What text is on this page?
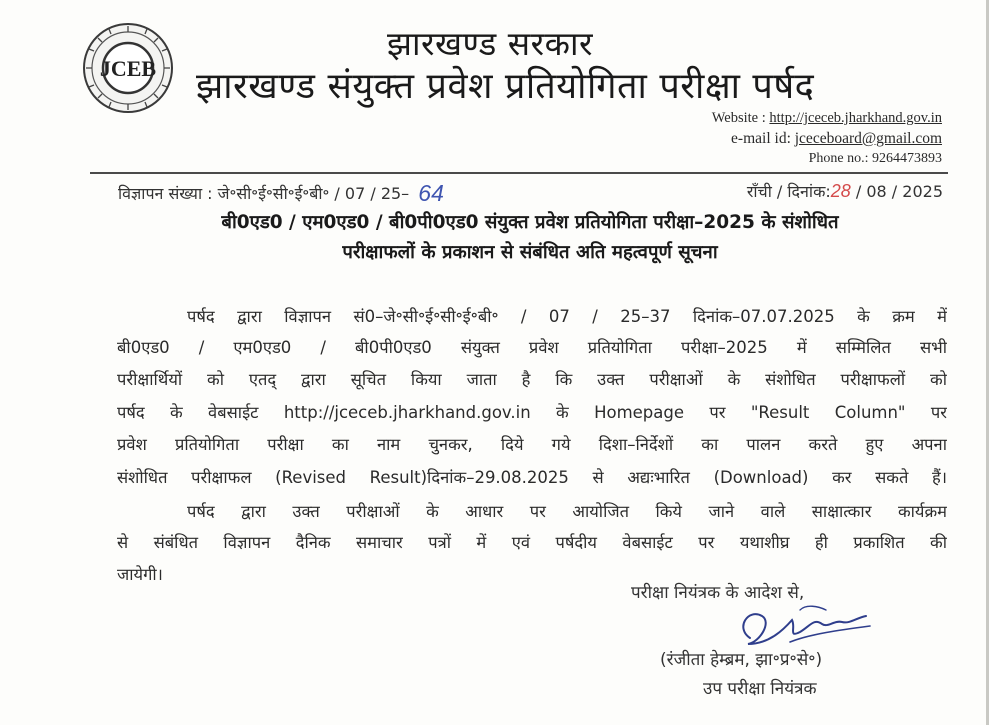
JCEB

झारखण्ड सरकार

झारखण्ड संयुक्त प्रवेश प्रतियोगिता परीक्षा पर्षद

Website : http://jceceb.jharkhand.gov.in

e-mail id: jceceboard@gmail.com

Phone no.: 9264473893

विज्ञापन संख्या : जे॰सी॰ई॰सी॰ई॰बी॰ / 07 / 25– 64	राँची / दिनांक:28 / 08 / 2025

बी0एड0 / एम0एड0 / बी0पी0एड0 संयुक्त प्रवेश प्रतियोगिता परीक्षा–2025 के संशोधित
परीक्षाफलों के प्रकाशन से संबंधित अति महत्वपूर्ण सूचना

पर्षद द्वारा विज्ञापन सं0–जे॰सी॰ई॰सी॰ई॰बी॰ / 07 / 25–37 दिनांक–07.07.2025 के क्रम में

बी0एड0 / एम0एड0 / बी0पी0एड0 संयुक्त प्रवेश प्रतियोगिता परीक्षा–2025 में सम्मिलित सभी

परीक्षार्थियों को एतद् द्वारा सूचित किया जाता है कि उक्त परीक्षाओं के संशोधित परीक्षाफलों को

पर्षद के वेबसाईट http://jceceb.jharkhand.gov.in के Homepage पर "Result Column" पर

प्रवेश प्रतियोगिता परीक्षा का नाम चुनकर, दिये गये दिशा–निर्देशों का पालन करते हुए अपना

संशोधित परीक्षाफल (Revised Result)दिनांक–29.08.2025 से अद्यःभारित (Download) कर सकते हैं।

पर्षद द्वारा उक्त परीक्षाओं के आधार पर आयोजित किये जाने वाले साक्षात्कार कार्यक्रम

से संबंधित विज्ञापन दैनिक समाचार पत्रों में एवं पर्षदीय वेबसाईट पर यथाशीघ्र ही प्रकाशित की

जायेगी।

परीक्षा नियंत्रक के आदेश से,

(रंजीता हेम्ब्रम, झा॰प्र॰से॰)

उप परीक्षा नियंत्रक
